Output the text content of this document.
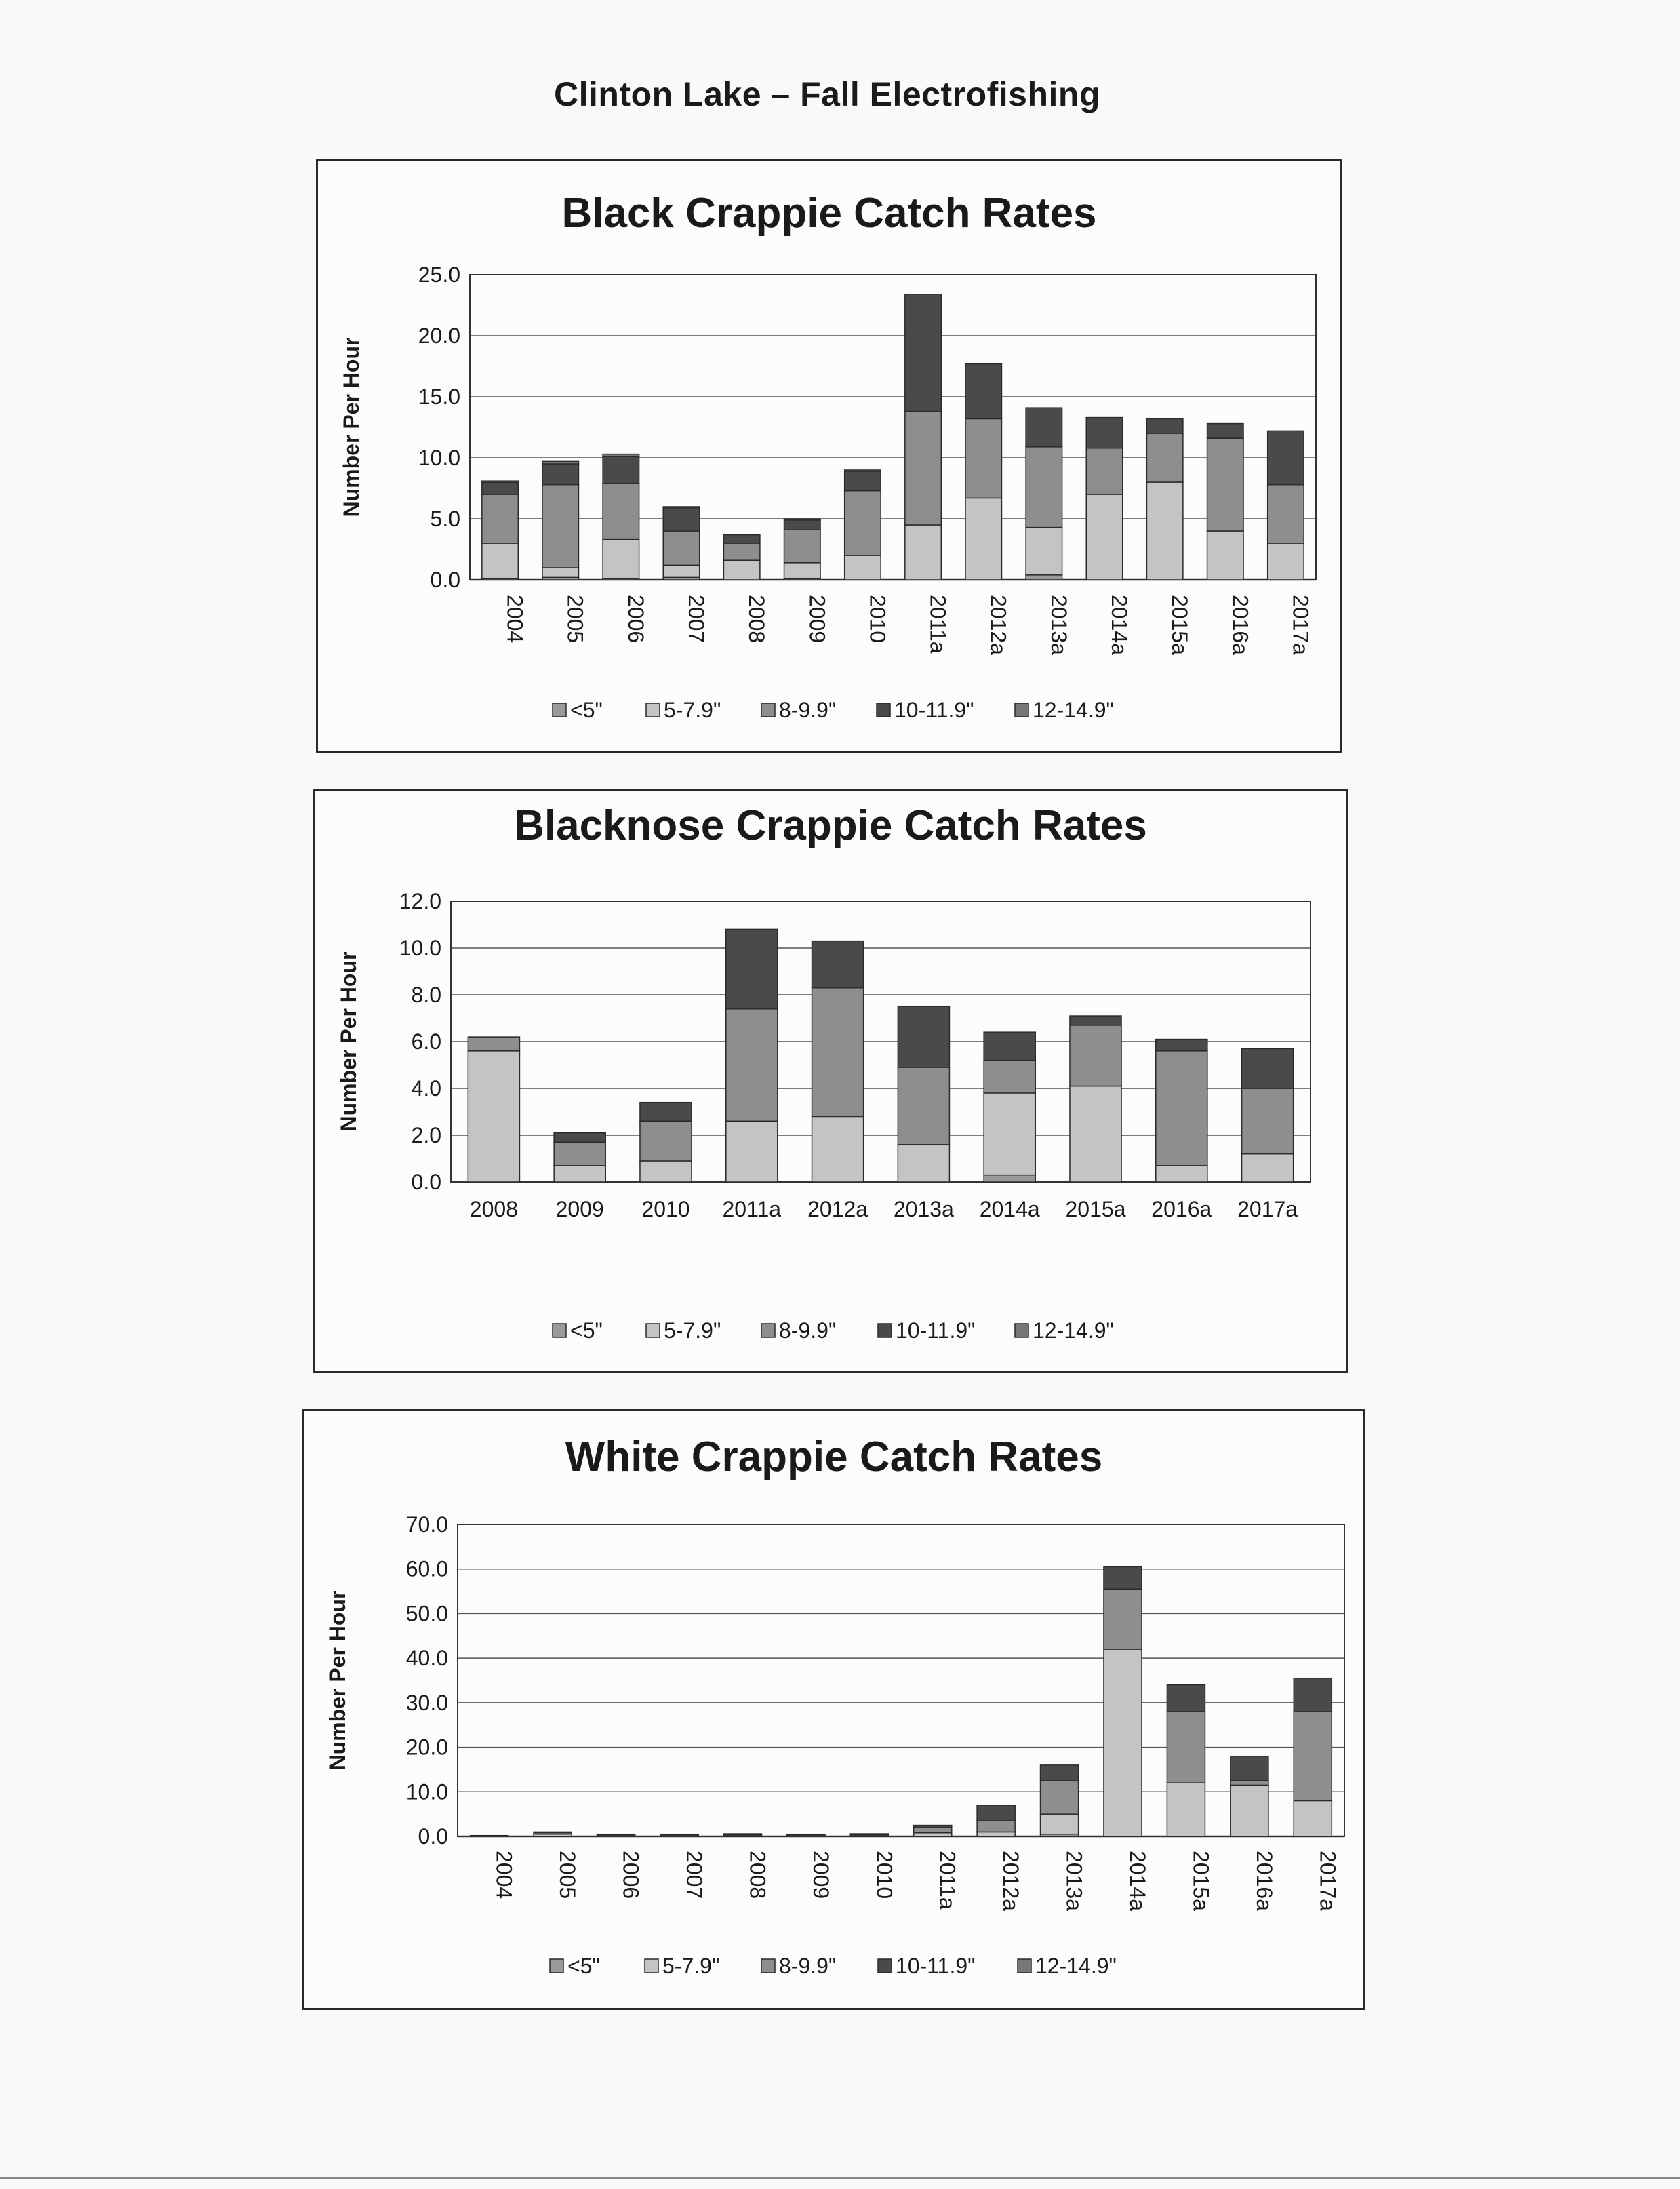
Clinton Lake – Fall Electrofishing
Black Crappie Catch Rates
0.0
5.0
10.0
15.0
20.0
25.0
Number Per Hour
2004 2005 2006 2007 2008 2009 2010 2011a 2012a 2013a 2014a 2015a 2016a 2017a
<5"	5-7.9"	8-9.9"	10-11.9"	12-14.9"
Blacknose Crappie Catch Rates
0.0
2.0
4.0
6.0
8.0
10.0
12.0
Number Per Hour
2008 2009 2010 2011a 2012a 2013a 2014a 2015a 2016a 2017a
<5"	5-7.9"	8-9.9"	10-11.9"	12-14.9"
White Crappie Catch Rates
0.0
10.0
20.0
30.0
40.0
50.0
60.0
70.0
Number Per Hour
2004 2005 2006 2007 2008 2009 2010 2011a 2012a 2013a 2014a 2015a 2016a 2017a
<5"	5-7.9"	8-9.9"	10-11.9"	12-14.9"
